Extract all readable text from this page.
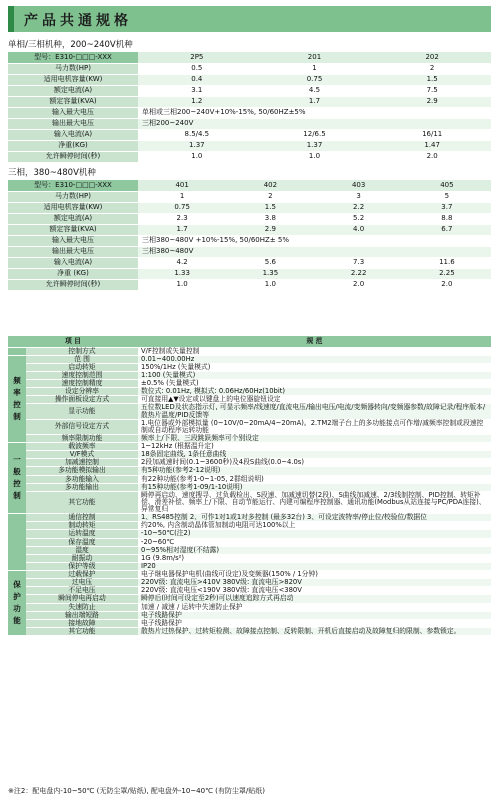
产品共通规格
单相/三相机种，200~240V机种
型号：E310-□□□-XXX	2P5	201	202
马力数(HP)	0.5	1	2
适用电机容量(KW)	0.4	0.75	1.5
额定电流(A)	3.1	4.5	7.5
额定容量(KVA)	1.2	1.7	2.9
输入最大电压	单相或三相200~240V+10%-15%, 50/60HZ±5%		
输出最大电压	三相200~240V		
输入电流(A)	8.5/4.5	12/6.5	16/11
净重(KG)	1.37	1.37	1.47
允许瞬停时间(秒)	1.0	1.0	2.0
三相，380~480V机种
型号：E310-□□□-XXX	401	402	403	405
马力数(HP)	1	2	3	5
适用电机容量(KW)	0.75	1.5	2.2	3.7
额定电流(A)	2.3	3.8	5.2	8.8
额定容量(KVA)	1.7	2.9	4.0	6.7
输入最大电压	三相380~480V +10%-15%, 50/60HZ± 5%			
输出最大电压	三相380~480V			
输入电流(A)	4.2	5.6	7.3	11.6
净重 (KG)	1.33	1.35	2.22	2.25
允许瞬停时间(秒)	1.0	1.0	2.0	2.0
项 目		规 范
	控制方式	V/F控制或矢量控制
频
率
控
制	范 围	0.01~400.00Hz
	启动转矩	150%/1Hz (矢量模式)
	速度控制范围	1:100 (矢量模式)
	速度控制精度	±0.5% (矢量模式)
	设定分辨率	数位式: 0.01Hz, 模拟式: 0.06Hz/60Hz(10bit)
	操作面板设定方式	可直接用▲▼设定或以键盘上的电位器旋钮设定
	显示功能	五位数LED及状态指示灯, 可显示频率/线速度/直流电压/输出电压/电流/变频器转向/变频器参数/故障记录/程序版本/散热片温度/PID反馈等
	外部信号设定方式	1.电位器或外部模拟量 (0~10V/0~20mA/4~20mA)。2.TM2端子台上的多功能接点可作增/减频率控制或段速控制或自动程序运转功能
	频率限制功能	频率上/下限、三段跳跃频率可个别设定
一
般
控
制	载波频率	1~12kHz (根据温升定)
	V/F模式	18条固定曲线, 1条任意曲线
	加减速控制	2段加减速时间(0.1~3600秒)及4段S曲线(0.0~4.0s)
	多功能模拟输出	有5种功能(参考2-12说明)
	多功能输入	有22种功能(参考1-0~1-05, 2群组说明)
	多功能输出	有15种功能(参考1-09/1-10说明)
	其它功能	瞬停再启动、速度搜寻、过负载检出、S段速、加减速切替(2段)、S曲线加减速、2/3线制控制、PID控制、转矩补偿、滑差补偿、频率上/下限、自动节能运行、内建可编程序控制器、通讯功能(Modbus从站连接与PC/PDA连接)、异常复归
	通信控制	1、RS485控制 2、可作1对1或1对多控制 (最多32台) 3、可设定波特率/停止位/校验位/数据位
	制动转矩	约20%, 内含制动晶体管加制动电阻可达100%以上
	运转温度	-10~50℃(注2)
	保存温度	-20~60℃
	湿度	0~95%相对湿度(不结露)
	耐振动	1G (9.8m/s²)
	保护等级	IP20
保
护
功
能	过载保护	电子继电器保护电机(曲线可设定)及变频器(150% / 1分钟)
	过电压	220V级: 直流电压>410V 380V级: 直流电压>820V
	不足电压	220V级: 直流电压<190V 380V级: 直流电压<380V
	瞬间停电再启动	瞬停后(时间可设定至2秒)可以速度追踪方式再启动
	失速防止	加速 / 减速 / 运转中失速防止保护
	输出端短路	电子线路保护
	接地故障	电子线路保护
	其它功能	散热片过热保护、过转矩检测、故障接点控制、反转限制、开机后直接启动及故障复归的限制、参数锁定。
※注2：配电盘内-10~50℃ (无防尘罩/贴纸), 配电盘外-10~40℃ (有防尘罩/贴纸)
